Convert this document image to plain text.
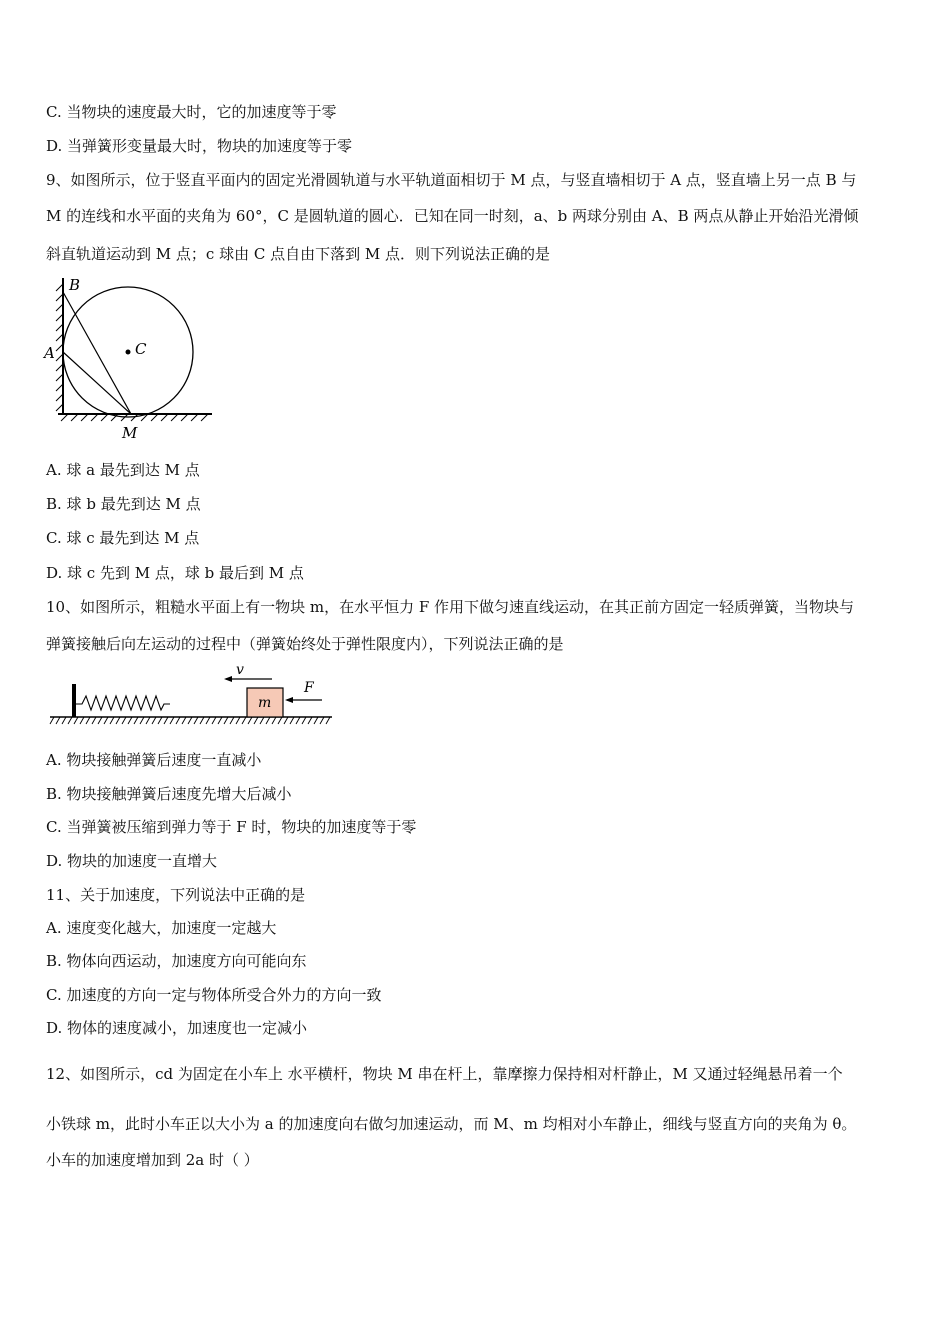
C. 当物块的速度最大时，它的加速度等于零
D. 当弹簧形变量最大时，物块的加速度等于零
9、如图所示，位于竖直平面内的固定光滑圆轨道与水平轨道面相切于 M 点，与竖直墙相切于 A 点，竖直墙上另一点 B 与
M 的连线和水平面的夹角为 60°，C 是圆轨道的圆心．已知在同一时刻，a、b 两球分别由 A、B 两点从静止开始沿光滑倾
斜直轨道运动到 M 点；c 球由 C 点自由下落到 M 点．则下列说法正确的是
B
A	C
M
A. 球 a 最先到达 M 点
B. 球 b 最先到达 M 点
C. 球 c 最先到达 M 点
D. 球 c 先到 M 点，球 b 最后到 M 点
10、如图所示，粗糙水平面上有一物块 m，在水平恒力 F 作用下做匀速直线运动，在其正前方固定一轻质弹簧，当物块与
弹簧接触后向左运动的过程中（弹簧始终处于弹性限度内），下列说法正确的是
m
v
F
A. 物块接触弹簧后速度一直减小
B. 物块接触弹簧后速度先增大后减小
C. 当弹簧被压缩到弹力等于 F 时，物块的加速度等于零
D. 物块的加速度一直增大
11、关于加速度，下列说法中正确的是
A. 速度变化越大，加速度一定越大
B. 物体向西运动，加速度方向可能向东
C. 加速度的方向一定与物体所受合外力的方向一致
D. 物体的速度减小，加速度也一定减小
12、如图所示，cd 为固定在小车上 水平横杆，物块 M 串在杆上，靠摩擦力保持相对杆静止，M 又通过轻绳悬吊着一个
小铁球 m，此时小车正以大小为 a 的加速度向右做匀加速运动，而 M、m 均相对小车静止，细线与竖直方向的夹角为 θ。
小车的加速度增加到 2a 时（ ）
